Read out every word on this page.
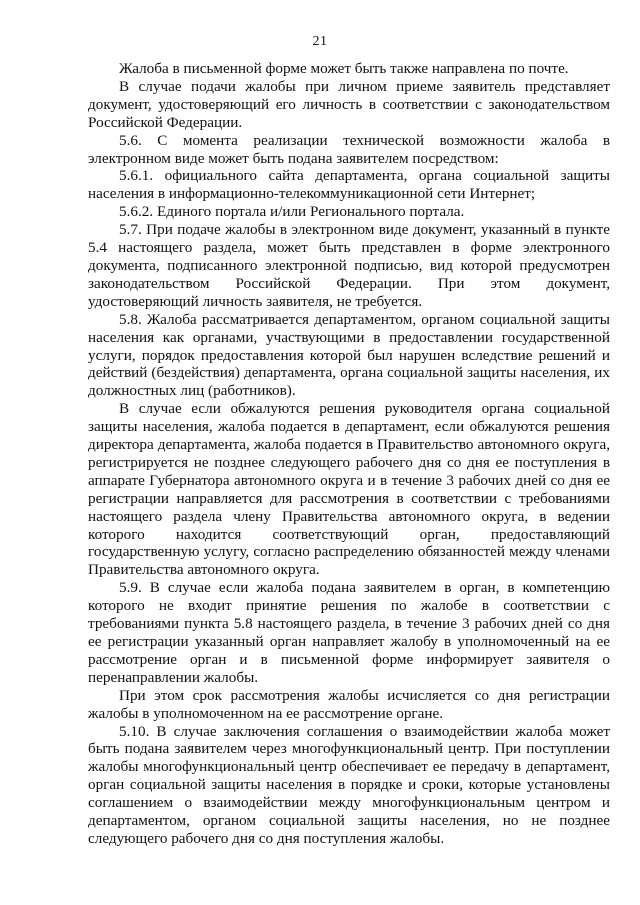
21

Жалоба в письменной форме может быть также направлена по почте.

В случае подачи жалобы при личном приеме заявитель представляет документ, удостоверяющий его личность в соответствии с законодательством Российской Федерации.

5.6. С момента реализации технической возможности жалоба в электронном виде может быть подана заявителем посредством:

5.6.1. официального сайта департамента, органа социальной защиты населения в информационно-телекоммуникационной сети Интернет;

5.6.2. Единого портала и/или Регионального портала.

5.7. При подаче жалобы в электронном виде документ, указанный в пункте 5.4 настоящего раздела, может быть представлен в форме электронного документа, подписанного электронной подписью, вид которой предусмотрен законодательством Российской Федерации. При этом документ, удостоверяющий личность заявителя, не требуется.

5.8. Жалоба рассматривается департаментом, органом социальной защиты населения как органами, участвующими в предоставлении государственной услуги, порядок предоставления которой был нарушен вследствие решений и действий (бездействия) департамента, органа социальной защиты населения, их должностных лиц (работников).

В случае если обжалуются решения руководителя органа социальной защиты населения, жалоба подается в департамент, если обжалуются решения директора департамента, жалоба подается в Правительство автономного округа, регистрируется не позднее следующего рабочего дня со дня ее поступления в аппарате Губернатора автономного округа и в течение 3 рабочих дней со дня ее регистрации направляется для рассмотрения в соответствии с требованиями настоящего раздела члену Правительства автономного округа, в ведении которого находится соответствующий орган, предоставляющий государственную услугу, согласно распределению обязанностей между членами Правительства автономного округа.

5.9. В случае если жалоба подана заявителем в орган, в компетенцию которого не входит принятие решения по жалобе в соответствии с требованиями пункта 5.8 настоящего раздела, в течение 3 рабочих дней со дня ее регистрации указанный орган направляет жалобу в уполномоченный на ее рассмотрение орган и в письменной форме информирует заявителя о перенаправлении жалобы.

При этом срок рассмотрения жалобы исчисляется со дня регистрации жалобы в уполномоченном на ее рассмотрение органе.

5.10. В случае заключения соглашения о взаимодействии жалоба может быть подана заявителем через многофункциональный центр. При поступлении жалобы многофункциональный центр обеспечивает ее передачу в департамент, орган социальной защиты населения в порядке и сроки, которые установлены соглашением о взаимодействии между многофункциональным центром и департаментом, органом социальной защиты населения, но не позднее следующего рабочего дня со дня поступления жалобы.
